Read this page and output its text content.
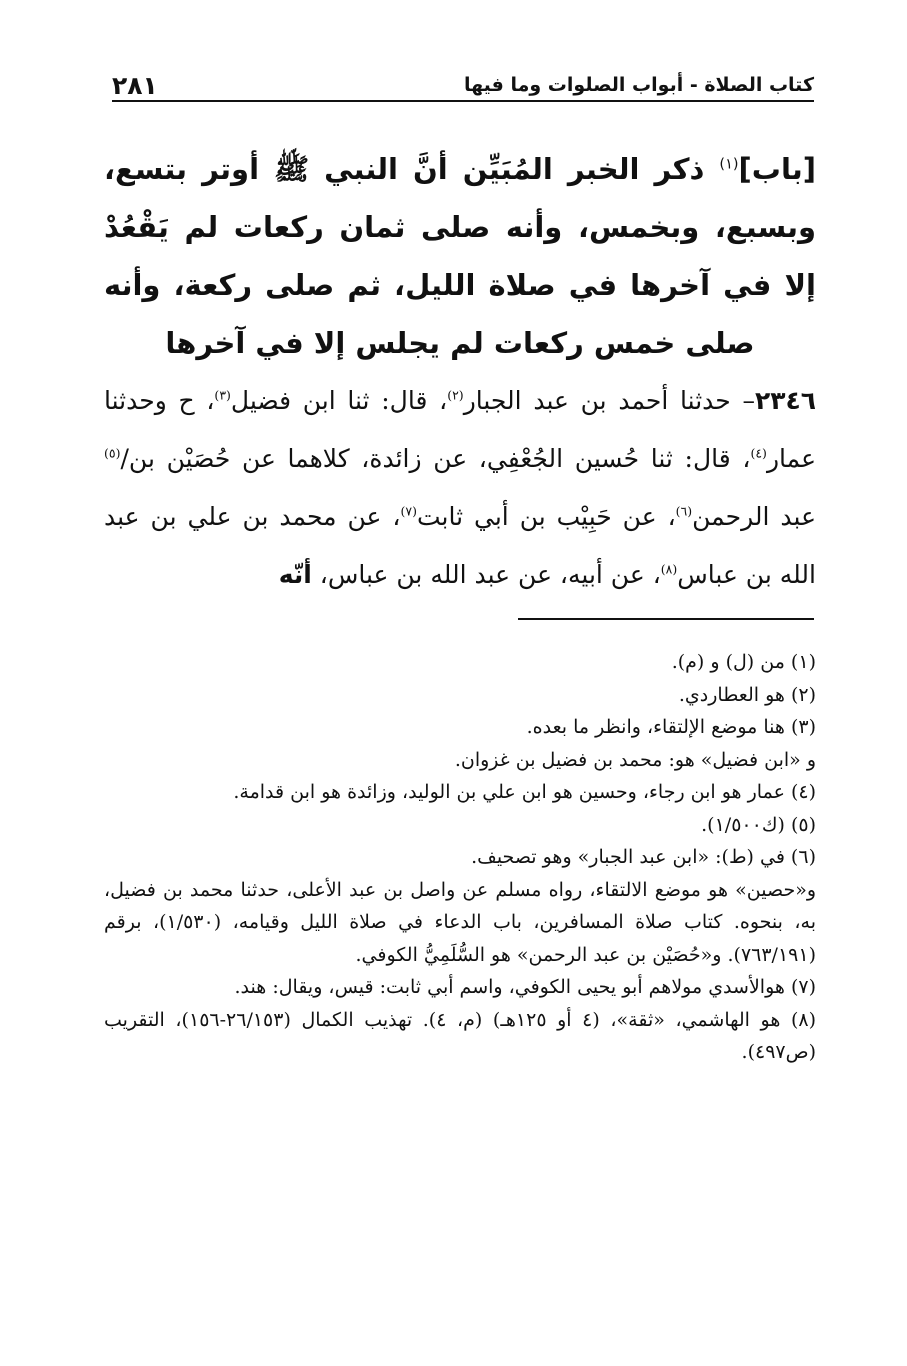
كتاب الصلاة - أبواب الصلوات وما فيها
٢٨١

[باب]$^{(١)}$ ذكر الخبر المُبَيِّن أنَّ النبي ﷺ أوتر بتسع، وبسبع، وبخمس، وأنه صلى ثمان ركعات لم يَقْعُدْ إلا في آخرها في صلاة الليل، ثم صلى ركعة، وأنه صلى خمس ركعات لم يجلس إلا في آخرها

٢٣٤٦– حدثنا أحمد بن عبد الجبار$^{(٢)}$، قال: ثنا ابن فضيل$^{(٣)}$، ح وحدثنا عمار$^{(٤)}$، قال: ثنا حُسين الجُعْفِي، عن زائدة، كلاهما عن حُصَيْن بن/$^{(٥)}$ عبد الرحمن$^{(٦)}$، عن حَبِيْب بن أبي ثابت$^{(٧)}$، عن محمد بن علي بن عبد الله بن عباس$^{(٨)}$، عن أبيه، عن عبد الله بن عباس، أنّه

(١) من (ل) و (م).

(٢) هو العطاردي.

(٣) هنا موضع الإلتقاء، وانظر ما بعده.

و «ابن فضيل» هو: محمد بن فضيل بن غزوان.

(٤) عمار هو ابن رجاء، وحسين هو ابن علي بن الوليد، وزائدة هو ابن قدامة.

(٥) (ك١/٥٠٠).

(٦) في (ط): «ابن عبد الجبار» وهو تصحيف.

و«حصين» هو موضع الالتقاء، رواه مسلم عن واصل بن عبد الأعلى، حدثنا محمد بن فضيل، به، بنحوه. كتاب صلاة المسافرين، باب الدعاء في صلاة الليل وقيامه، (١/٥٣٠)، برقم (٧٦٣/١٩١). و«حُصَيْن بن عبد الرحمن» هو السُّلَمِيُّ الكوفي.

(٧) هوالأسدي مولاهم أبو يحيى الكوفي، واسم أبي ثابت: قيس، ويقال: هند.

(٨) هو الهاشمي، «ثقة»، (٤ أو ١٢٥هـ) (م، ٤). تهذيب الكمال (٢٦/١٥٣-١٥٦)، التقريب (ص٤٩٧).
